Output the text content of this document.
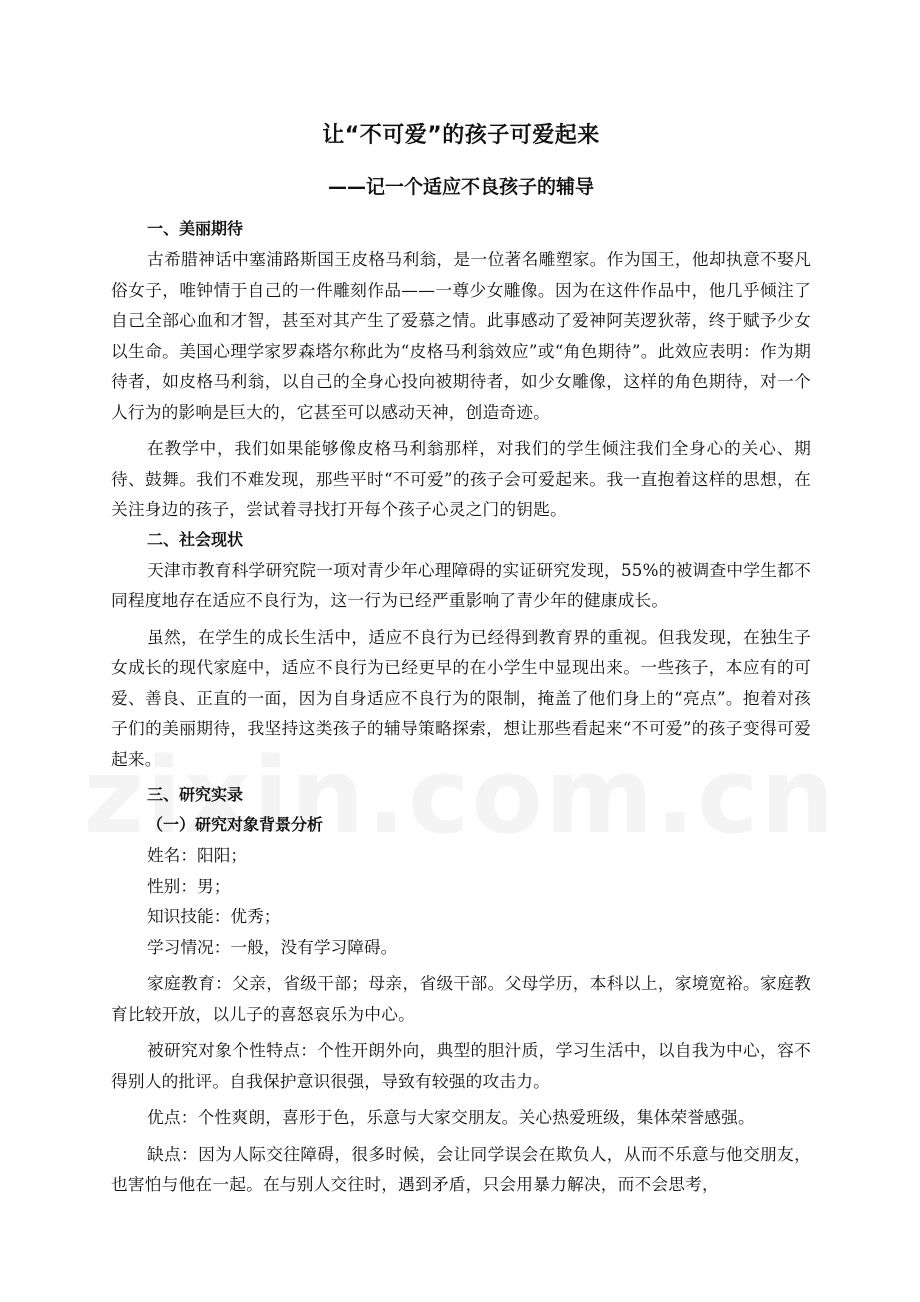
让“不可爱”的孩子可爱起来
——记一个适应不良孩子的辅导
一、美丽期待

古希腊神话中塞浦路斯国王皮格马利翁，是一位著名雕塑家。作为国王，他却执意不娶凡俗女子，唯钟情于自己的一件雕刻作品——一尊少女雕像。因为在这件作品中，他几乎倾注了自己全部心血和才智，甚至对其产生了爱慕之情。此事感动了爱神阿芙逻狄蒂，终于赋予少女以生命。美国心理学家罗森塔尔称此为“皮格马利翁效应”或“角色期待”。此效应表明：作为期待者，如皮格马利翁，以自己的全身心投向被期待者，如少女雕像，这样的角色期待，对一个人行为的影响是巨大的，它甚至可以感动天神，创造奇迹。

在教学中，我们如果能够像皮格马利翁那样，对我们的学生倾注我们全身心的关心、期待、鼓舞。我们不难发现，那些平时“不可爱”的孩子会可爱起来。我一直抱着这样的思想，在关注身边的孩子，尝试着寻找打开每个孩子心灵之门的钥匙。

二、社会现状

天津市教育科学研究院一项对青少年心理障碍的实证研究发现，55%的被调查中学生都不同程度地存在适应不良行为，这一行为已经严重影响了青少年的健康成长。

虽然，在学生的成长生活中，适应不良行为已经得到教育界的重视。但我发现，在独生子女成长的现代家庭中，适应不良行为已经更早的在小学生中显现出来。一些孩子，本应有的可爱、善良、正直的一面，因为自身适应不良行为的限制，掩盖了他们身上的“亮点”。抱着对孩子们的美丽期待，我坚持这类孩子的辅导策略探索，想让那些看起来“不可爱”的孩子变得可爱起来。

三、研究实录
（一）研究对象背景分析

姓名：阳阳；

性别：男；

知识技能：优秀；

学习情况：一般，没有学习障碍。

家庭教育：父亲，省级干部；母亲，省级干部。父母学历，本科以上，家境宽裕。家庭教育比较开放，以儿子的喜怒哀乐为中心。

被研究对象个性特点：个性开朗外向，典型的胆汁质，学习生活中，以自我为中心，容不得别人的批评。自我保护意识很强，导致有较强的攻击力。

优点：个性爽朗，喜形于色，乐意与大家交朋友。关心热爱班级，集体荣誉感强。

缺点：因为人际交往障碍，很多时候，会让同学误会在欺负人，从而不乐意与他交朋友，也害怕与他在一起。在与别人交往时，遇到矛盾，只会用暴力解决，而不会思考，
